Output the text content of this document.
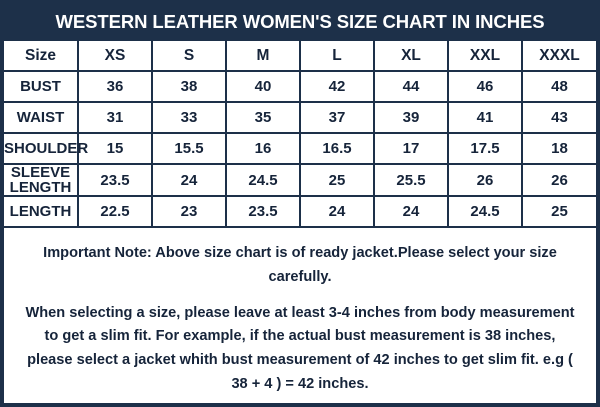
WESTERN LEATHER WOMEN'S SIZE CHART IN INCHES
Size	XS	S	M	L	XL	XXL	XXXL
BUST	36	38	40	42	44	46	48
WAIST	31	33	35	37	39	41	43
SHOULDER	15	15.5	16	16.5	17	17.5	18
SLEEVE LENGTH	23.5	24	24.5	25	25.5	26	26
LENGTH	22.5	23	23.5	24	24	24.5	25

Important Note: Above size chart is of ready jacket.Please select your size carefully.

When selecting a size, please leave at least 3-4 inches from body measurement to get a slim fit. For example, if the actual bust measurement is 38 inches, please select a jacket whith bust measurement of 42 inches to get slim fit. e.g ( 38 + 4 ) = 42 inches.
